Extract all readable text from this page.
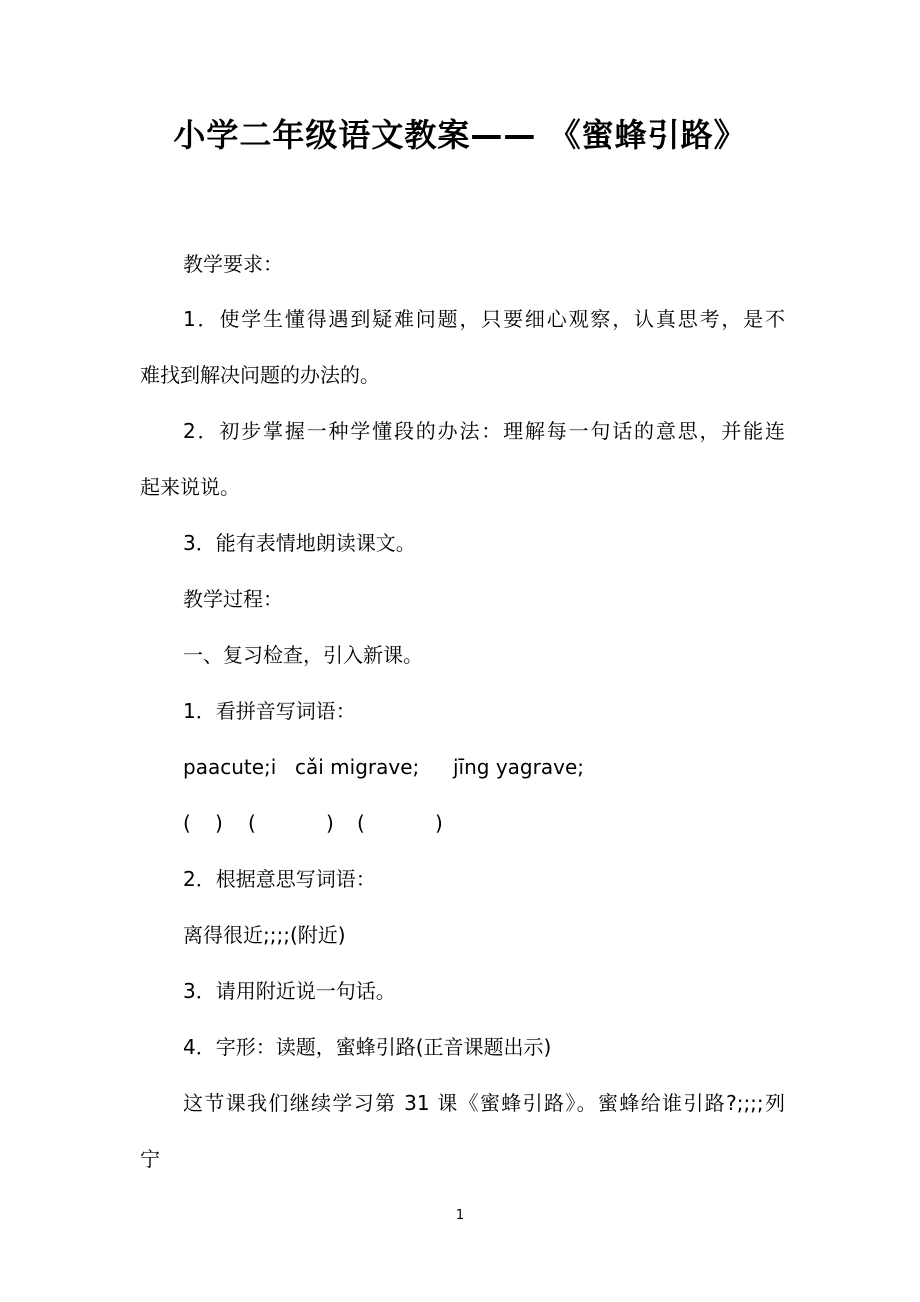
小学二年级语文教案—— 《蜜蜂引路》
教学要求：
1．使学生懂得遇到疑难问题，只要细心观察，认真思考，是不
难找到解决问题的办法的。
2．初步掌握一种学懂段的办法：理解每一句话的意思，并能连
起来说说。
3．能有表情地朗读课文。
教学过程：
一、复习检查，引入新课。
1．看拼音写词语：
paacute;i cǎi migrave; jīng yagrave;
( ) (	) (	)
2．根据意思写词语：
离得很近;;;;(附近)
3．请用附近说一句话。
4．字形：读题，蜜蜂引路(正音课题出示)
这节课我们继续学习第 31 课《蜜蜂引路》。蜜蜂给谁引路?;;;;列
宁
1
